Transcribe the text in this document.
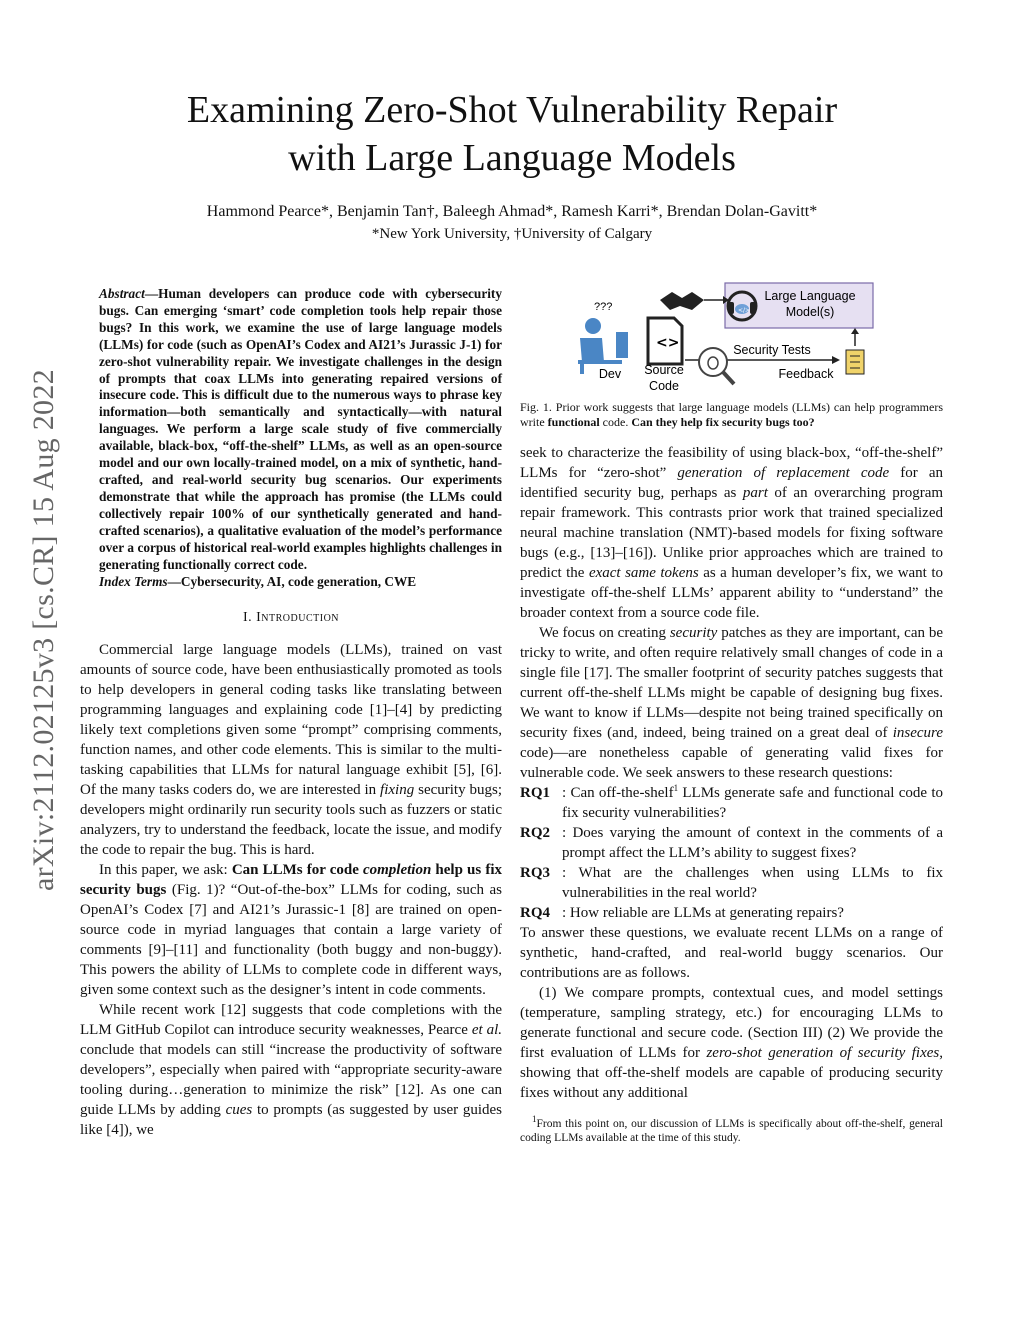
arXiv:2112.02125v3 [cs.CR] 15 Aug 2022
Examining Zero-Shot Vulnerability Repair
with Large Language Models
Hammond Pearce*, Benjamin Tan†, Baleegh Ahmad*, Ramesh Karri*, Brendan Dolan-Gavitt*
*New York University, †University of Calgary
Abstract—Human developers can produce code with cybersecurity bugs. Can emerging ‘smart’ code completion tools help repair those bugs? In this work, we examine the use of large language models (LLMs) for code (such as OpenAI’s Codex and AI21’s Jurassic J-1) for zero-shot vulnerability repair. We investigate challenges in the design of prompts that coax LLMs into generating repaired versions of insecure code. This is difficult due to the numerous ways to phrase key information—both semantically and syntactically—with natural languages. We perform a large scale study of five commercially available, black-box, “off-the-shelf” LLMs, as well as an open-source model and our own locally-trained model, on a mix of synthetic, hand-crafted, and real-world security bug scenarios. Our experiments demonstrate that while the approach has promise (the LLMs could collectively repair 100% of our synthetically generated and hand-crafted scenarios), a qualitative evaluation of the model’s performance over a corpus of historical real-world examples highlights challenges in generating functionally correct code.
Index Terms—Cybersecurity, AI, code generation, CWE
I. Introduction

Commercial large language models (LLMs), trained on vast amounts of source code, have been enthusiastically promoted as tools to help developers in general coding tasks like translating between programming languages and explaining code [1]–[4] by predicting likely text completions given some “prompt” comprising comments, function names, and other code elements. This is similar to the multi-tasking capabilities that LLMs for natural language exhibit [5], [6]. Of the many tasks coders do, we are interested in fixing security bugs; developers might ordinarily run security tools such as fuzzers or static analyzers, try to understand the feedback, locate the issue, and modify the code to repair the bug. This is hard.

In this paper, we ask: Can LLMs for code completion help us fix security bugs (Fig. 1)? “Out-of-the-box” LLMs for coding, such as OpenAI’s Codex [7] and AI21’s Jurassic-1 [8] are trained on open-source code in myriad languages that contain a large variety of comments [9]–[11] and functionality (both buggy and non-buggy). This powers the ability of LLMs to complete code in different ways, given some context such as the designer’s intent in code comments.

While recent work [12] suggests that code completions with the LLM GitHub Copilot can introduce security weaknesses, Pearce et al. conclude that models can still “increase the productivity of software developers”, especially when paired with “appropriate security-aware tooling during…generation to minimize the risk” [12]. As one can guide LLMs by adding cues to prompts (as suggested by user guides like [4]), we

</>
Large Language
Model(s)
???
Dev
<>
Source
Code
Security Tests
Feedback
Fig. 1. Prior work suggests that large language models (LLMs) can help programmers write functional code. Can they help fix security bugs too?

seek to characterize the feasibility of using black-box, “off-the-shelf” LLMs for “zero-shot” generation of replacement code for an identified security bug, perhaps as part of an overarching program repair framework. This contrasts prior work that trained specialized neural machine translation (NMT)-based models for fixing software bugs (e.g., [13]–[16]). Unlike prior approaches which are trained to predict the exact same tokens as a human developer’s fix, we want to investigate off-the-shelf LLMs’ apparent ability to “understand” the broader context from a source code file.

We focus on creating security patches as they are important, can be tricky to write, and often require relatively small changes of code in a single file [17]. The smaller footprint of security patches suggests that current off-the-shelf LLMs might be capable of designing bug fixes. We want to know if LLMs—despite not being trained specifically on security fixes (and, indeed, being trained on a great deal of insecure code)—are nonetheless capable of generating valid fixes for vulnerable code. We seek answers to these research questions:

RQ1 : Can off-the-shelf$^1$ LLMs generate safe and functional code to fix security vulnerabilities?
RQ2 : Does varying the amount of context in the comments of a prompt affect the LLM’s ability to suggest fixes?
RQ3 : What are the challenges when using LLMs to fix vulnerabilities in the real world?
RQ4 : How reliable are LLMs at generating repairs?

To answer these questions, we evaluate recent LLMs on a range of synthetic, hand-crafted, and real-world buggy scenarios. Our contributions are as follows.

(1) We compare prompts, contextual cues, and model settings (temperature, sampling strategy, etc.) for encouraging LLMs to generate functional and secure code. (Section III) (2) We provide the first evaluation of LLMs for zero-shot generation of security fixes, showing that off-the-shelf models are capable of producing security fixes without any additional

$^1$From this point on, our discussion of LLMs is specifically about off-the-shelf, general coding LLMs available at the time of this study.
